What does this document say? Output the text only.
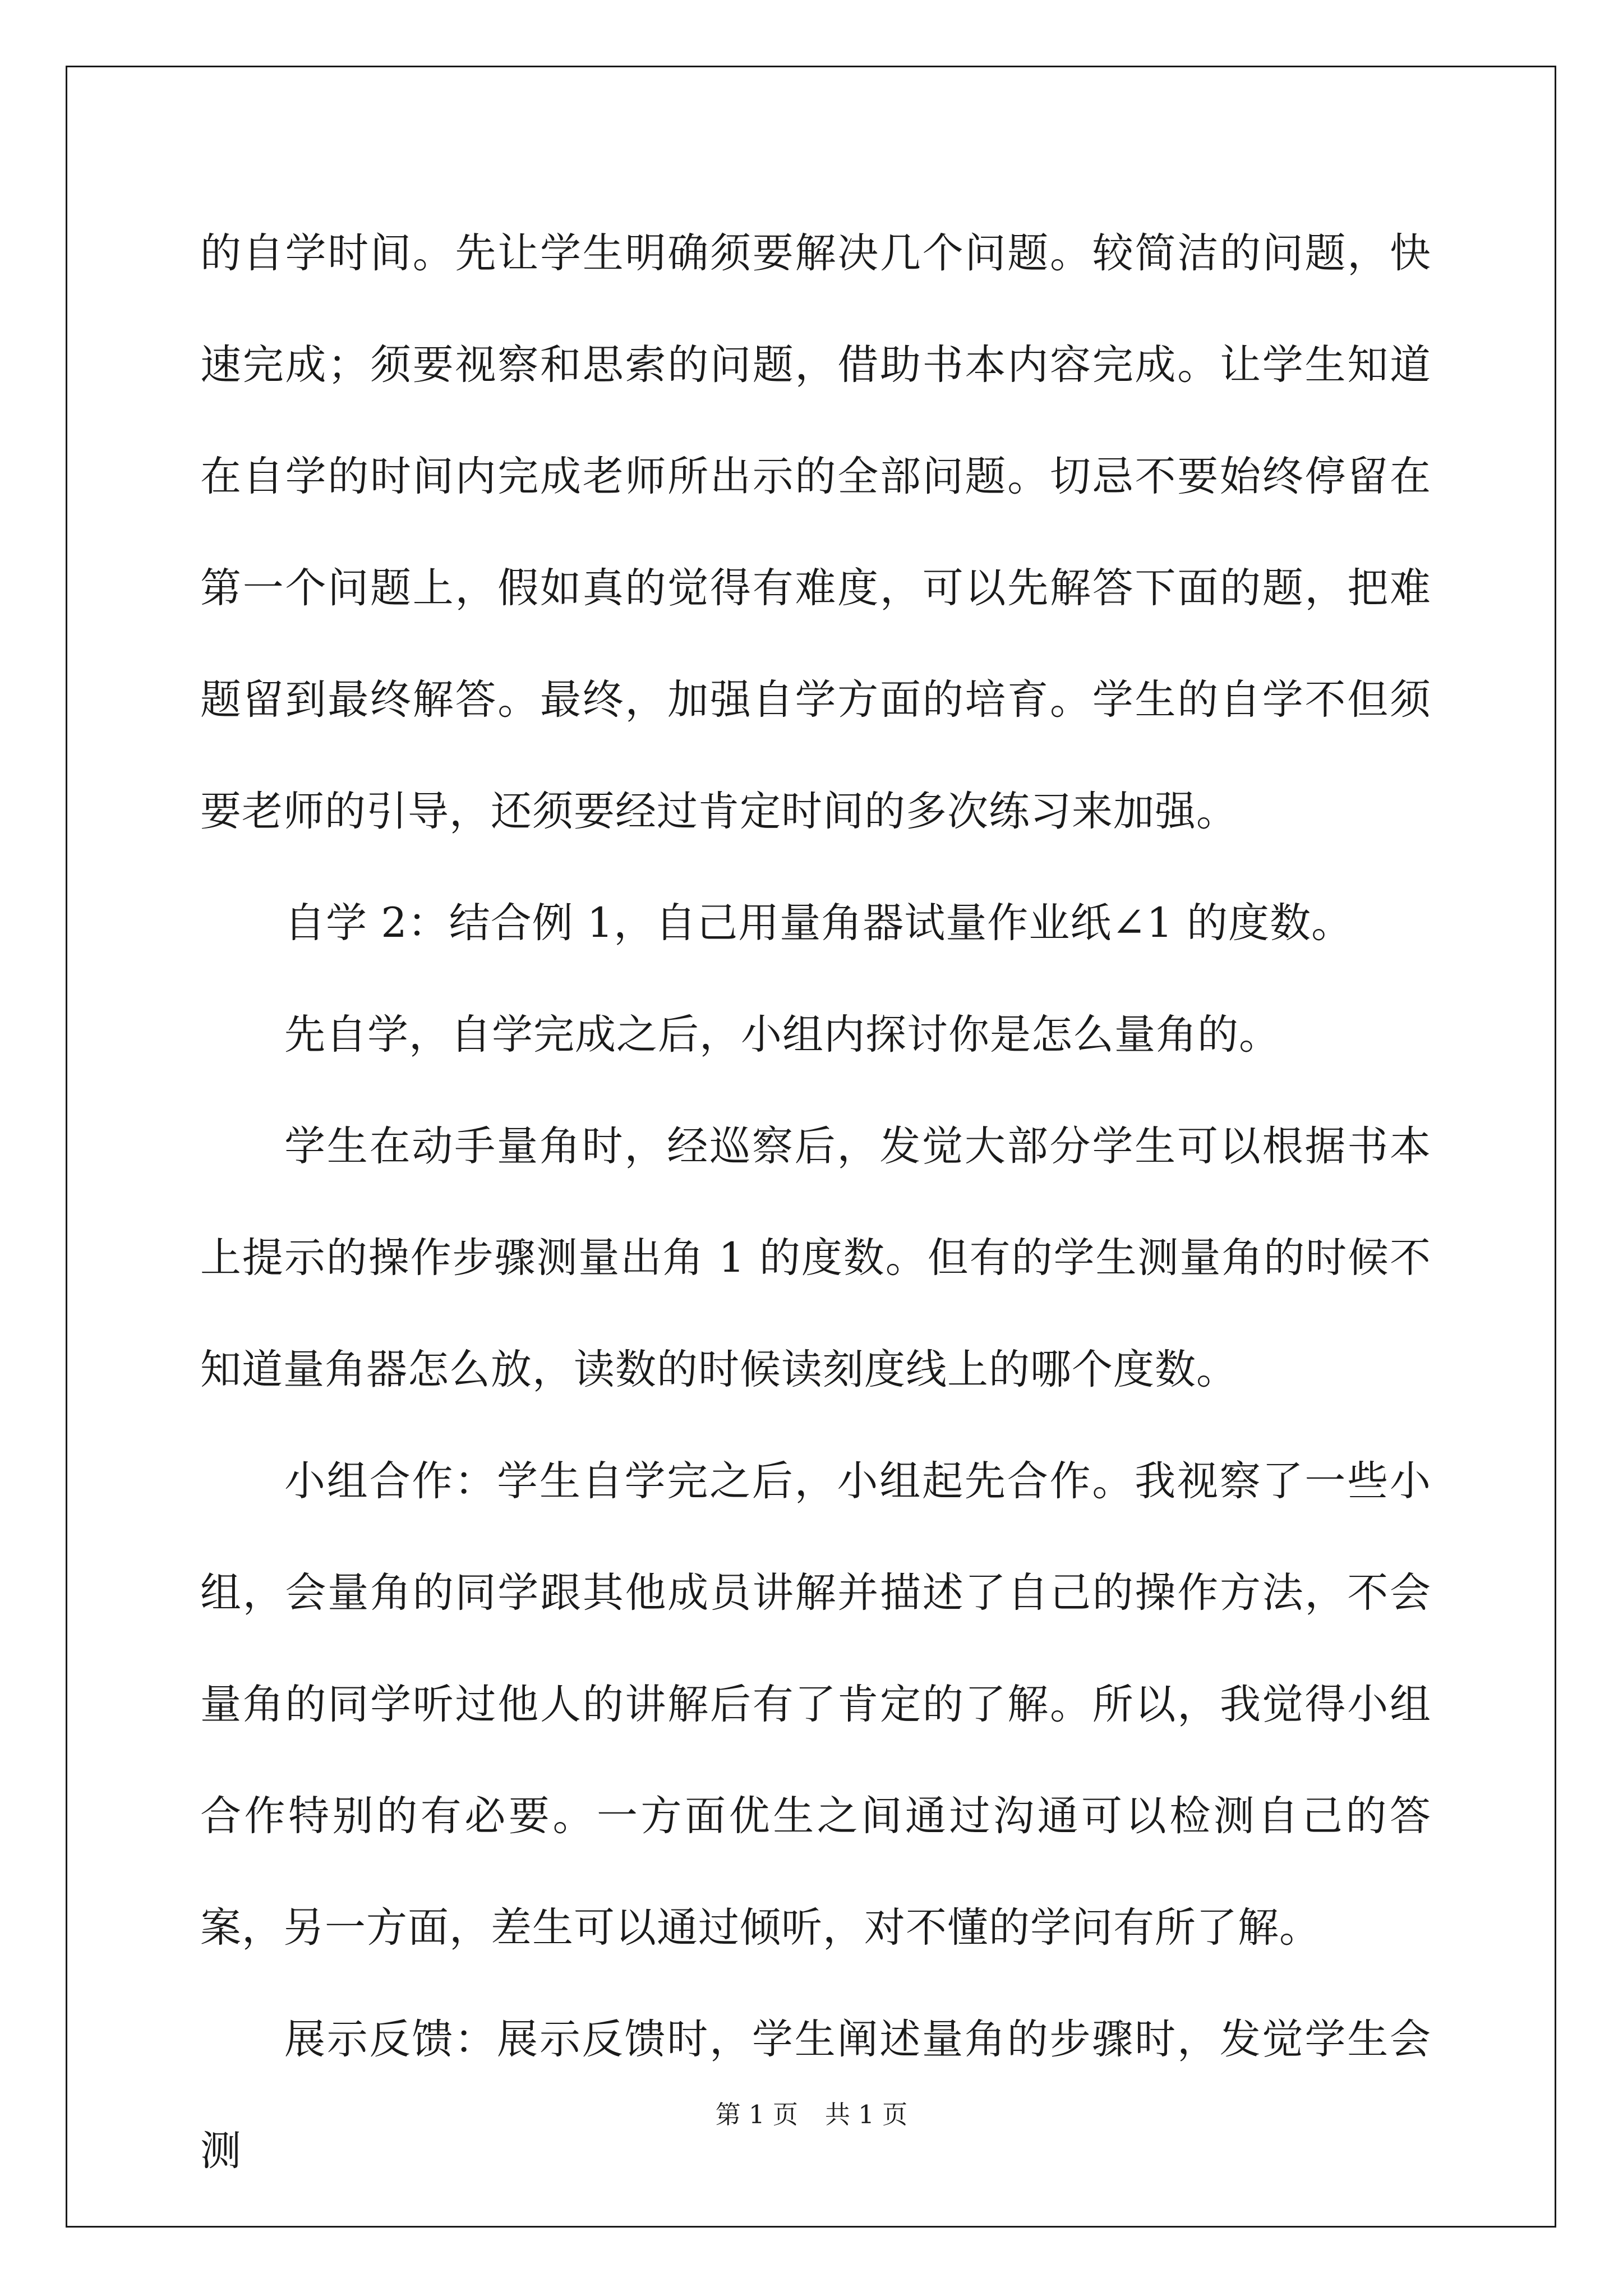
的自学时间。先让学生明确须要解决几个问题。较简洁的问题，快速完成；须要视察和思索的问题，借助书本内容完成。让学生知道在自学的时间内完成老师所出示的全部问题。切忌不要始终停留在第一个问题上，假如真的觉得有难度，可以先解答下面的题，把难题留到最终解答。最终，加强自学方面的培育。学生的自学不但须要老师的引导，还须要经过肯定时间的多次练习来加强。

自学 2：结合例 1，自己用量角器试量作业纸∠1 的度数。

先自学，自学完成之后，小组内探讨你是怎么量角的。

学生在动手量角时，经巡察后，发觉大部分学生可以根据书本上提示的操作步骤测量出角 1 的度数。但有的学生测量角的时候不知道量角器怎么放，读数的时候读刻度线上的哪个度数。

小组合作：学生自学完之后，小组起先合作。我视察了一些小组，会量角的同学跟其他成员讲解并描述了自己的操作方法，不会量角的同学听过他人的讲解后有了肯定的了解。所以，我觉得小组合作特别的有必要。一方面优生之间通过沟通可以检测自己的答案，另一方面，差生可以通过倾听，对不懂的学问有所了解。

展示反馈：展示反馈时，学生阐述量角的步骤时，发觉学生会测

第 1 页 共 1 页
